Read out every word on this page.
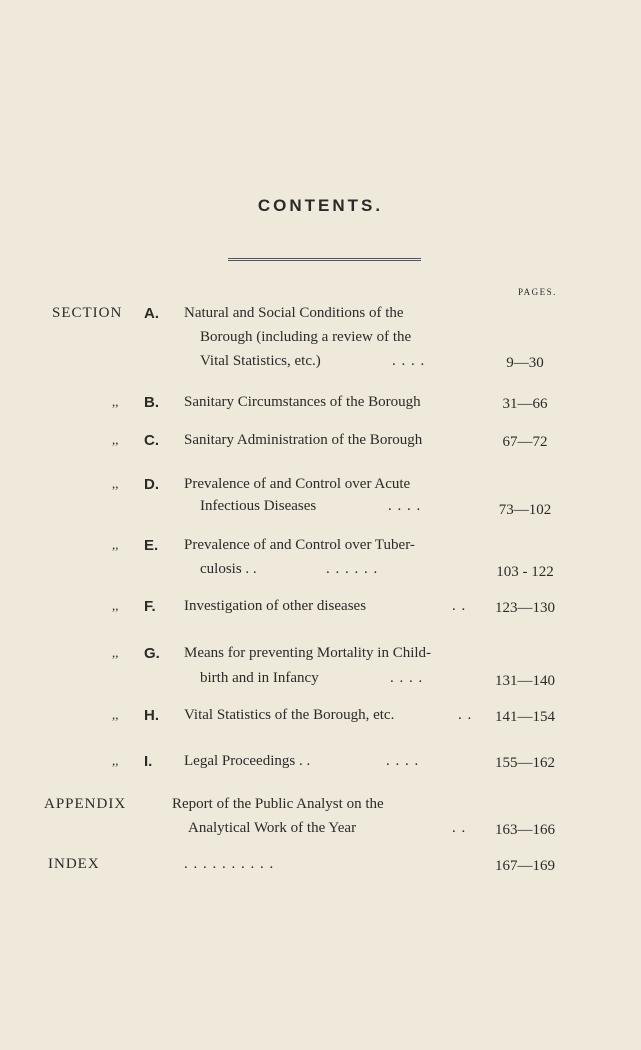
CONTENTS.
PAGES.
SECTION A. Natural and Social Conditions of the
Borough (including a review of the
Vital Statistics, etc.)	. . . .	9—30
,, B. Sanitary Circumstances of the Borough	31—66
,, C. Sanitary Administration of the Borough	67—72
,, D. Prevalence of and Control over Acute
Infectious Diseases	. . . .	73—102
,, E. Prevalence of and Control over Tuber-
culosis . .	. . . . . .	103 - 122
,, F. Investigation of other diseases	. .	123—130
,, G. Means for preventing Mortality in Child-
birth and in Infancy	. . . .	131—140
,, H. Vital Statistics of the Borough, etc.	. .	141—154
,, I. Legal Proceedings . .	. . . .	155—162
APPENDIX	Report of the Public Analyst on the
Analytical Work of the Year	. .	163—166
INDEX	. . . . . . . . . .	167—169
